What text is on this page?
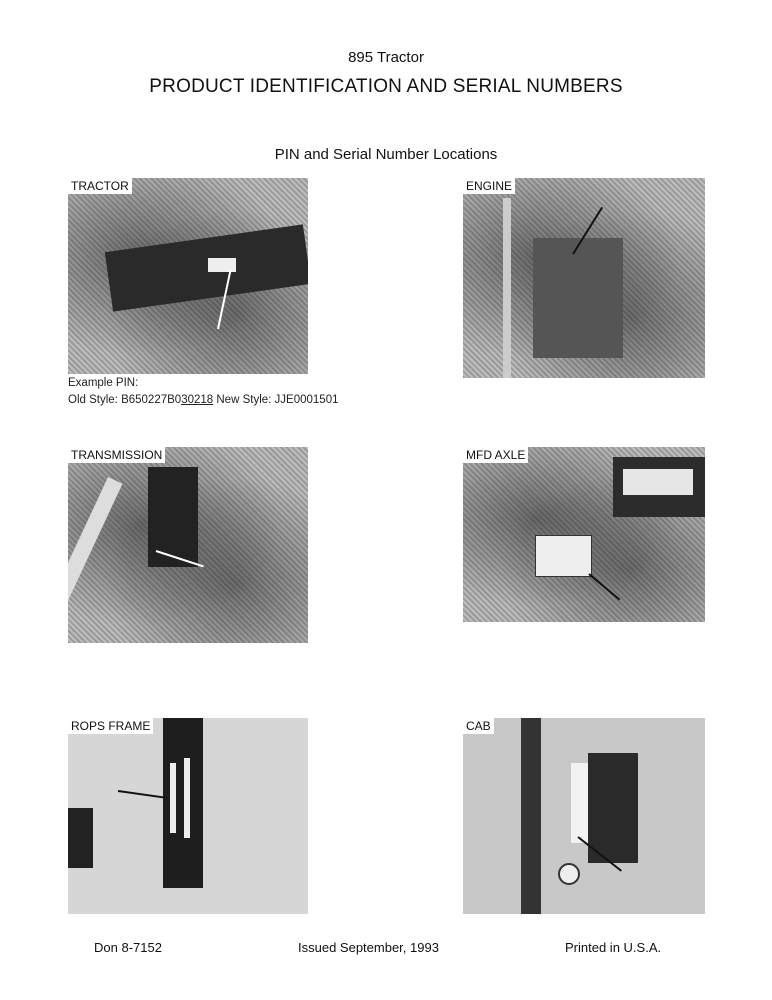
895 Tractor
PRODUCT IDENTIFICATION AND SERIAL NUMBERS
PIN and Serial Number Locations
TRACTOR	ENGINE
TRANSMISSION	MFD AXLE
ROPS FRAME	CAB
Example PIN:
Old Style: B650227B030218 New Style: JJE0001501
Don 8-7152	Issued September, 1993	Printed in U.S.A.
